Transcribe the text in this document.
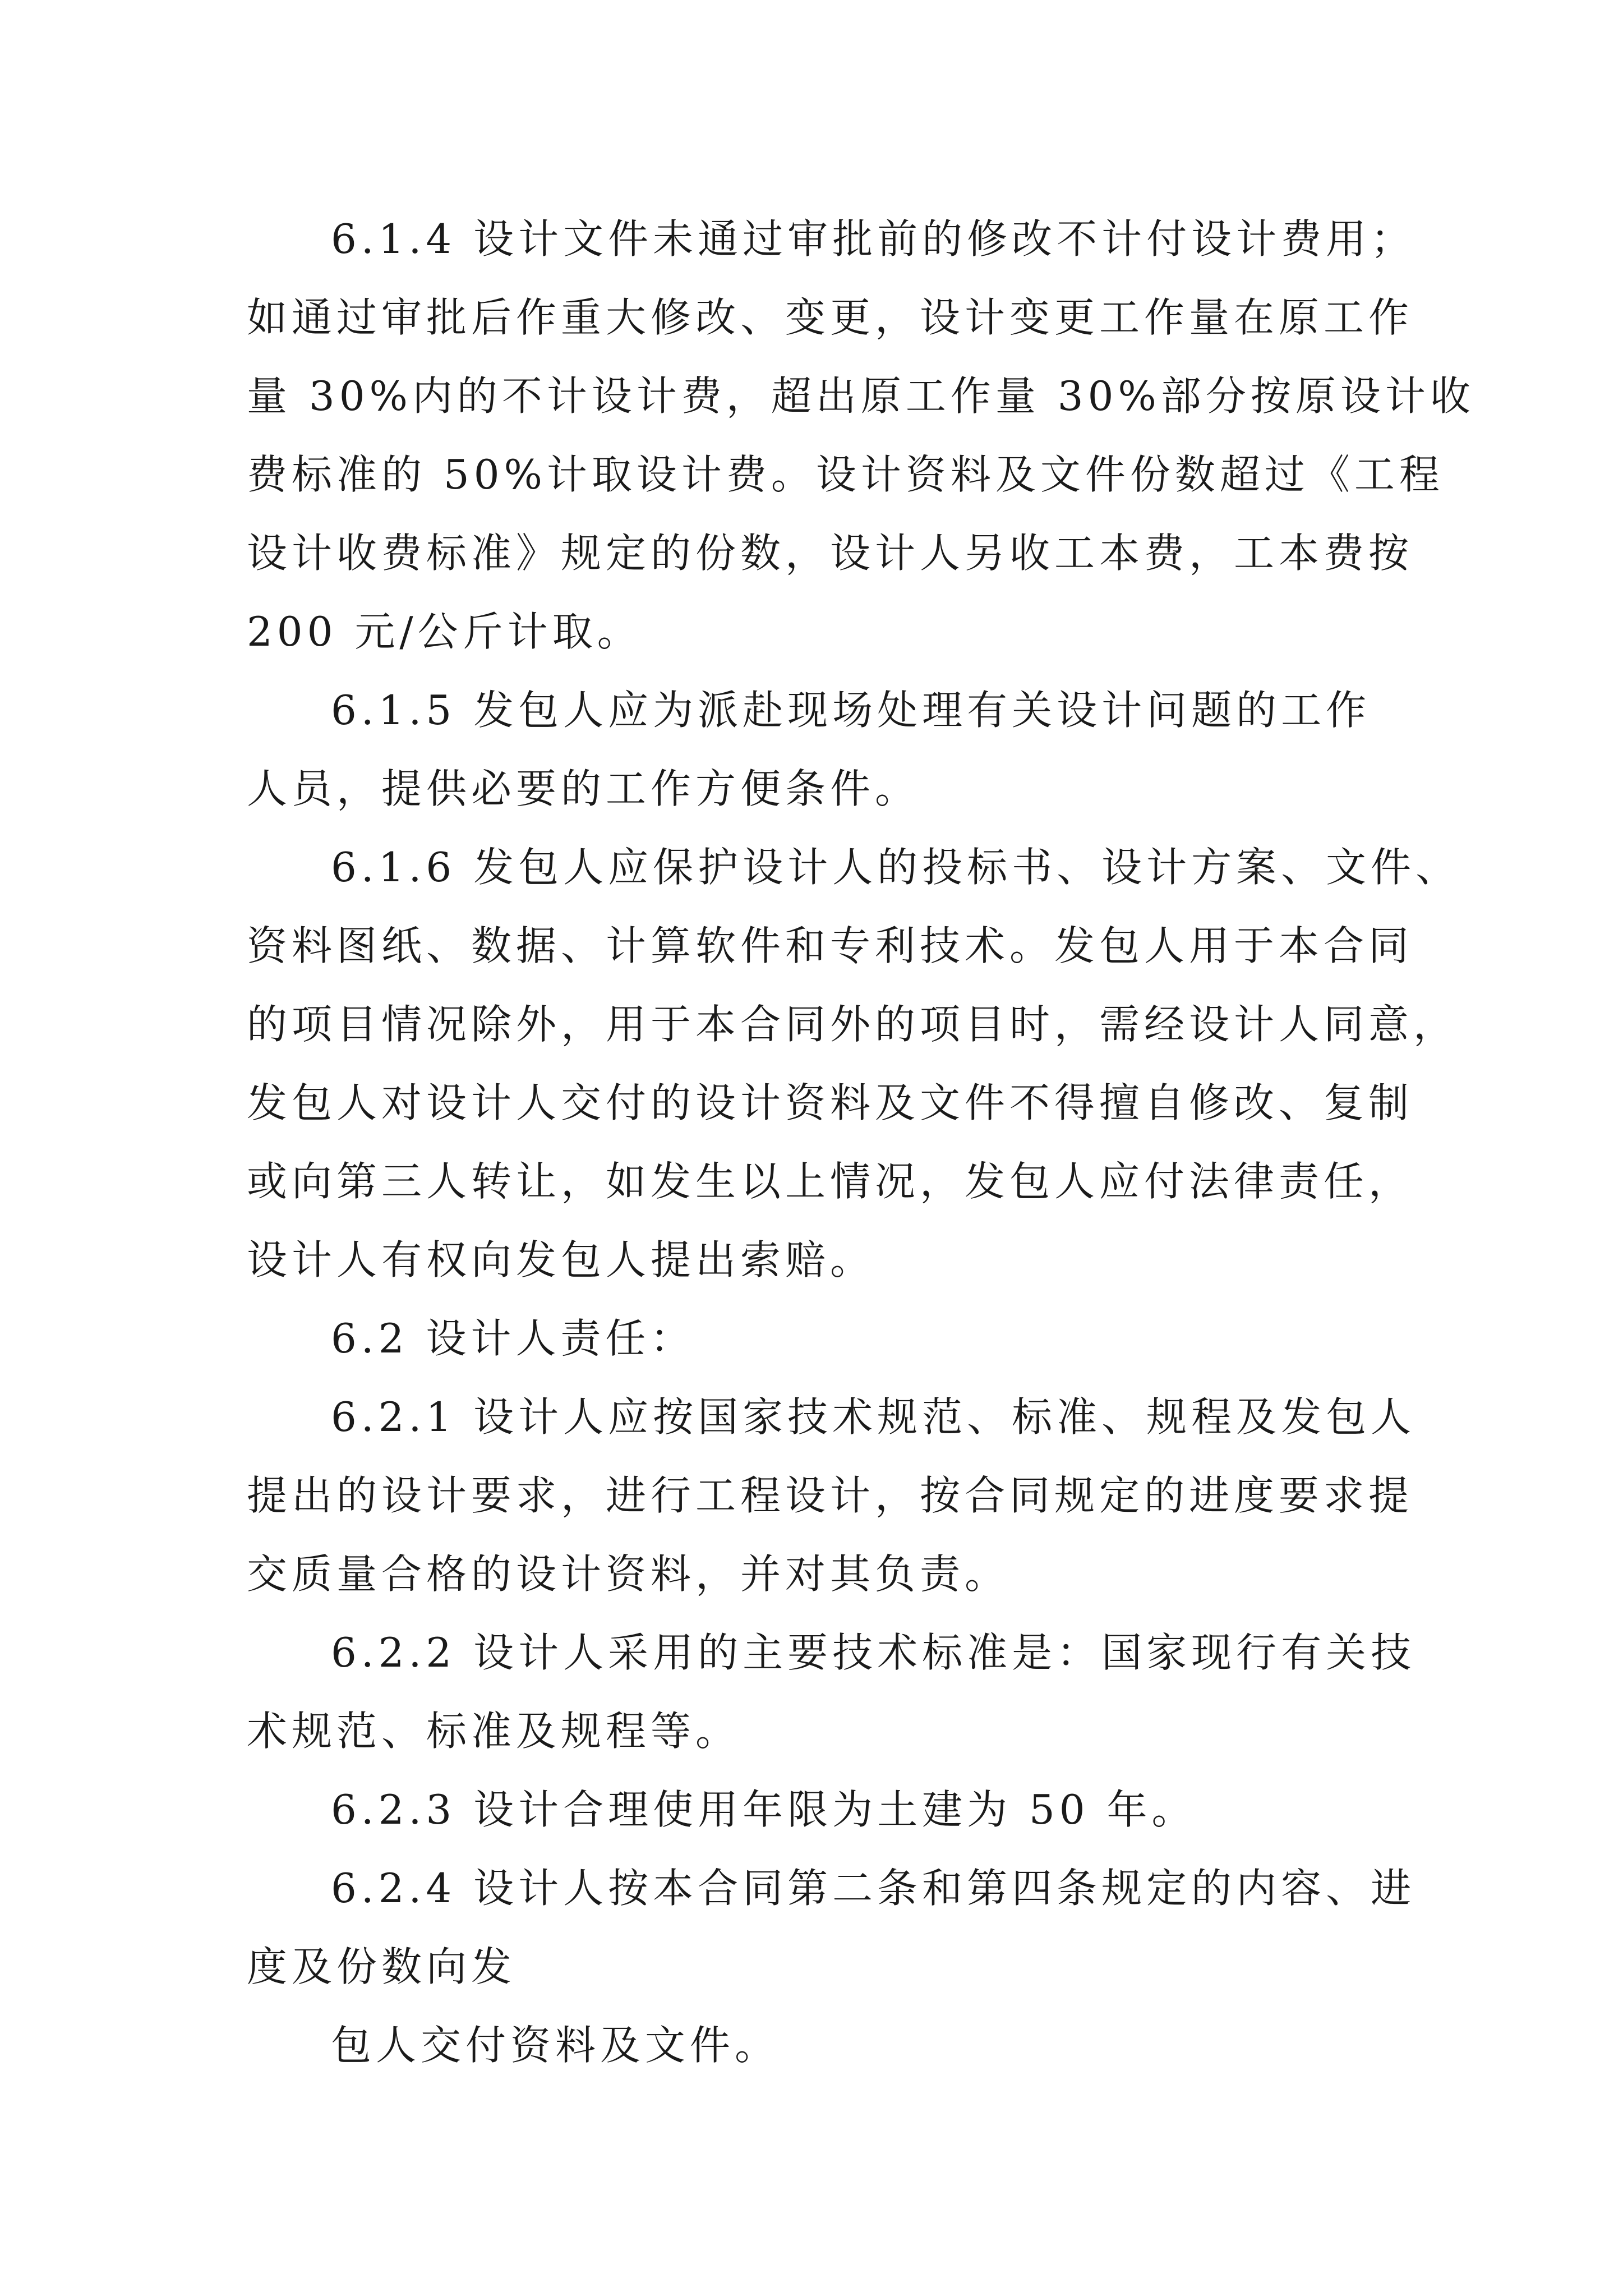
6.1.4 设计文件未通过审批前的修改不计付设计费用；

如通过审批后作重大修改、变更，设计变更工作量在原工作

量 30%内的不计设计费，超出原工作量 30%部分按原设计收

费标准的 50%计取设计费。设计资料及文件份数超过《工程

设计收费标准》规定的份数，设计人另收工本费，工本费按

200 元/公斤计取。

6.1.5 发包人应为派赴现场处理有关设计问题的工作

人员，提供必要的工作方便条件。

6.1.6 发包人应保护设计人的投标书、设计方案、文件、

资料图纸、数据、计算软件和专利技术。发包人用于本合同

的项目情况除外，用于本合同外的项目时，需经设计人同意，

发包人对设计人交付的设计资料及文件不得擅自修改、复制

或向第三人转让，如发生以上情况，发包人应付法律责任，

设计人有权向发包人提出索赔。

6.2 设计人责任：

6.2.1 设计人应按国家技术规范、标准、规程及发包人

提出的设计要求，进行工程设计，按合同规定的进度要求提

交质量合格的设计资料，并对其负责。

6.2.2 设计人采用的主要技术标准是：国家现行有关技

术规范、标准及规程等。

6.2.3 设计合理使用年限为土建为 50 年。

6.2.4 设计人按本合同第二条和第四条规定的内容、进

度及份数向发

包人交付资料及文件。
